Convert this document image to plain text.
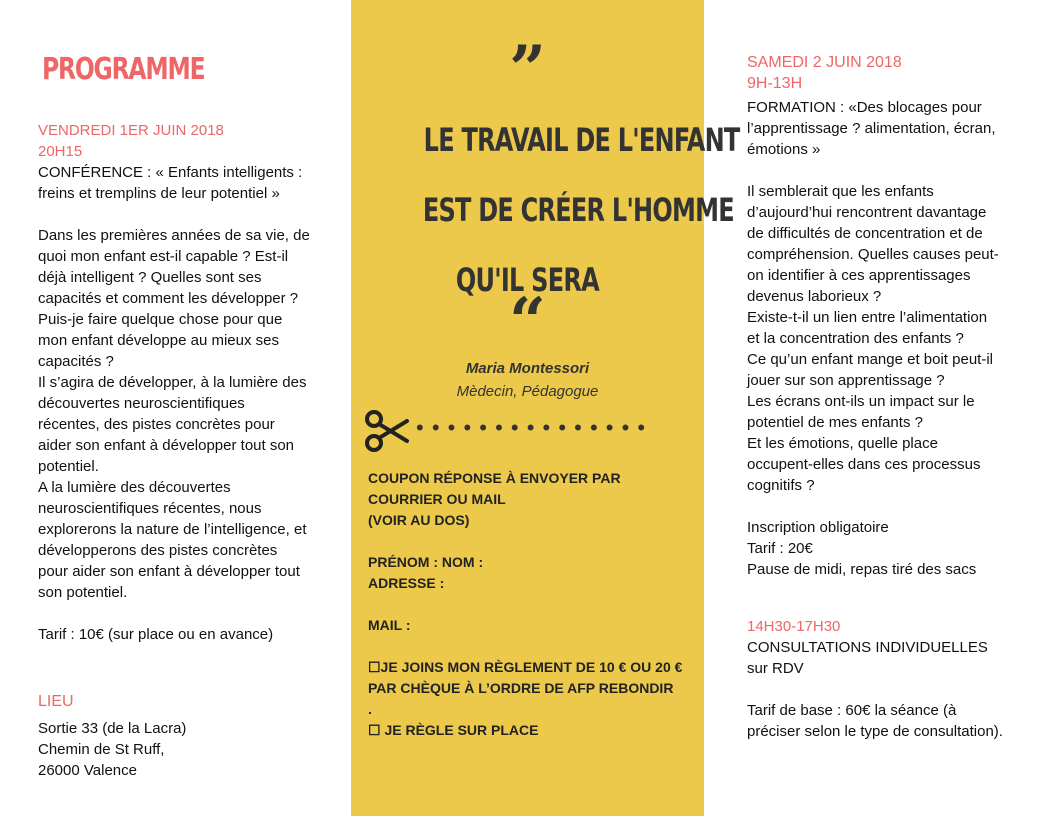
PROGRAMME

VENDREDI 1ER JUIN 2018

20H15

CONFÉRENCE : « Enfants intelligents :
freins et tremplins de leur potentiel »

Dans les premières années de sa vie, de
quoi mon enfant est-il capable ? Est-il
déjà intelligent ? Quelles sont ses
capacités et comment les développer ?
Puis-je faire quelque chose pour que
mon enfant développe au mieux ses
capacités ?
Il s’agira de développer, à la lumière des
découvertes neuroscientifiques
récentes, des pistes concrètes pour
aider son enfant à développer tout son
potentiel.
A la lumière des découvertes
neuroscientifiques récentes, nous
explorerons la nature de l’intelligence, et
développerons des pistes concrètes
pour aider son enfant à développer tout
son potentiel.

Tarif : 10€ (sur place ou en avance)

LIEU

Sortie 33 (de la Lacra)
Chemin de St Ruff,
26000 Valence

”
LE TRAVAIL DE L'ENFANT
EST DE CRÉER L'HOMME
QU'IL SERA
“
Maria Montessori
Mèdecin, Pédagogue
• • • • • • • • • • • • • • •

COUPON RÉPONSE À ENVOYER PAR
COURRIER OU MAIL
(VOIR AU DOS)

PRÉNOM : NOM :
ADRESSE :

MAIL :

☐JE JOINS MON RÈGLEMENT DE 10 € OU 20 €
PAR CHÈQUE À L’ORDRE DE AFP REBONDIR
.
☐ JE RÈGLE SUR PLACE

SAMEDI 2 JUIN 2018

9H-13H

FORMATION : «Des blocages pour
l’apprentissage ? alimentation, écran,
émotions »

Il semblerait que les enfants
d’aujourd’hui rencontrent davantage
de difficultés de concentration et de
compréhension. Quelles causes peut-
on identifier à ces apprentissages
devenus laborieux ?
Existe-t-il un lien entre l’alimentation
et la concentration des enfants ?
Ce qu’un enfant mange et boit peut-il
jouer sur son apprentissage ?
Les écrans ont-ils un impact sur le
potentiel de mes enfants ?
Et les émotions, quelle place
occupent-elles dans ces processus
cognitifs ?

Inscription obligatoire
Tarif : 20€
Pause de midi, repas tiré des sacs

14H30-17H30

CONSULTATIONS INDIVIDUELLES
sur RDV

Tarif de base : 60€ la séance (à
préciser selon le type de consultation).
